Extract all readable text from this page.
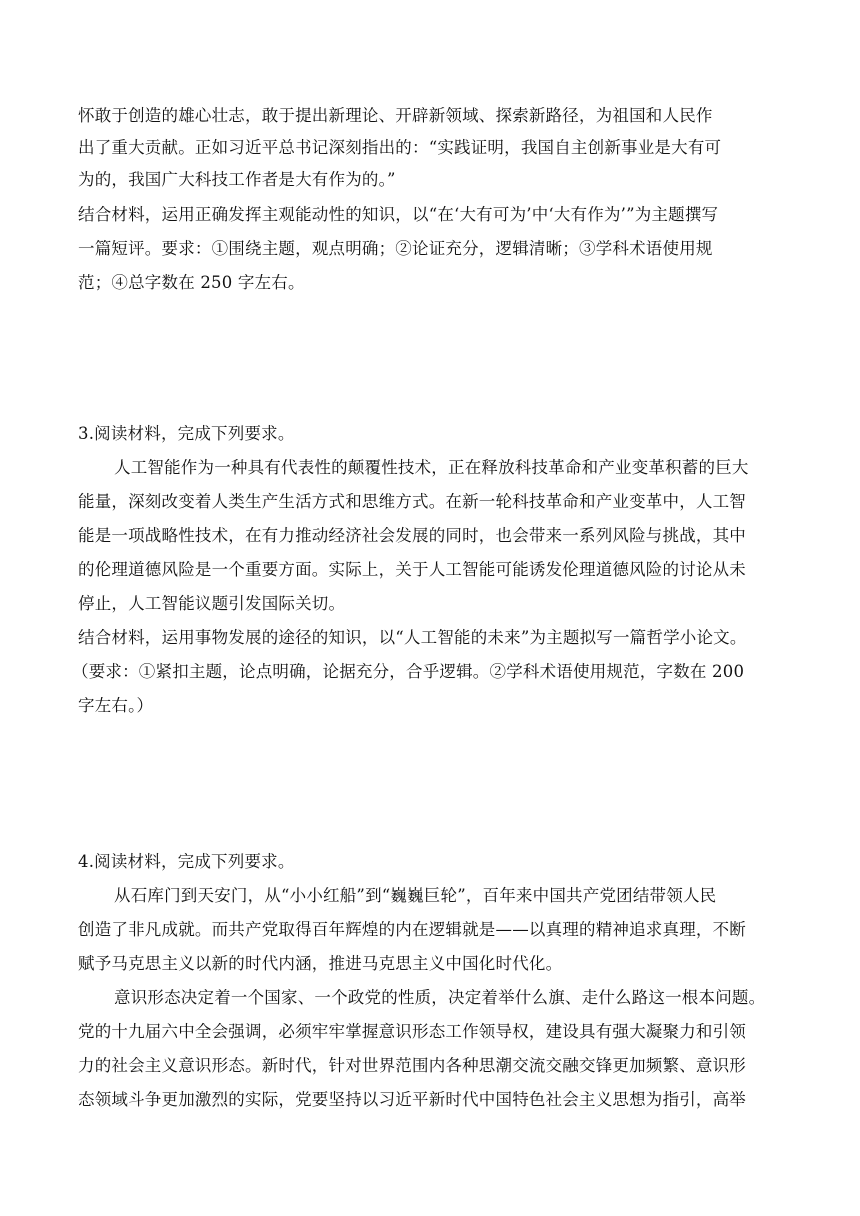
怀敢于创造的雄心壮志，敢于提出新理论、开辟新领域、探索新路径，为祖国和人民作
出了重大贡献。正如习近平总书记深刻指出的：“实践证明，我国自主创新事业是大有可
为的，我国广大科技工作者是大有作为的。”
结合材料，运用正确发挥主观能动性的知识，以“在‘大有可为’中‘大有作为’”为主题撰写
一篇短评。要求：①围绕主题，观点明确；②论证充分，逻辑清晰；③学科术语使用规
范；④总字数在 250 字左右。
3.阅读材料，完成下列要求。
人工智能作为一种具有代表性的颠覆性技术，正在释放科技革命和产业变革积蓄的巨大
能量，深刻改变着人类生产生活方式和思维方式。在新一轮科技革命和产业变革中，人工智
能是一项战略性技术，在有力推动经济社会发展的同时，也会带来一系列风险与挑战，其中
的伦理道德风险是一个重要方面。实际上，关于人工智能可能诱发伦理道德风险的讨论从未
停止，人工智能议题引发国际关切。
结合材料，运用事物发展的途径的知识，以“人工智能的未来”为主题拟写一篇哲学小论文。
（要求：①紧扣主题，论点明确，论据充分，合乎逻辑。②学科术语使用规范，字数在 200
字左右。）
4.阅读材料，完成下列要求。
从石库门到天安门，从“小小红船”到“巍巍巨轮”，百年来中国共产党团结带领人民
创造了非凡成就。而共产党取得百年辉煌的内在逻辑就是——以真理的精神追求真理，不断
赋予马克思主义以新的时代内涵，推进马克思主义中国化时代化。
意识形态决定着一个国家、一个政党的性质，决定着举什么旗、走什么路这一根本问题。
党的十九届六中全会强调，必须牢牢掌握意识形态工作领导权，建设具有强大凝聚力和引领
力的社会主义意识形态。新时代，针对世界范围内各种思潮交流交融交锋更加频繁、意识形
态领域斗争更加激烈的实际，党要坚持以习近平新时代中国特色社会主义思想为指引，高举
